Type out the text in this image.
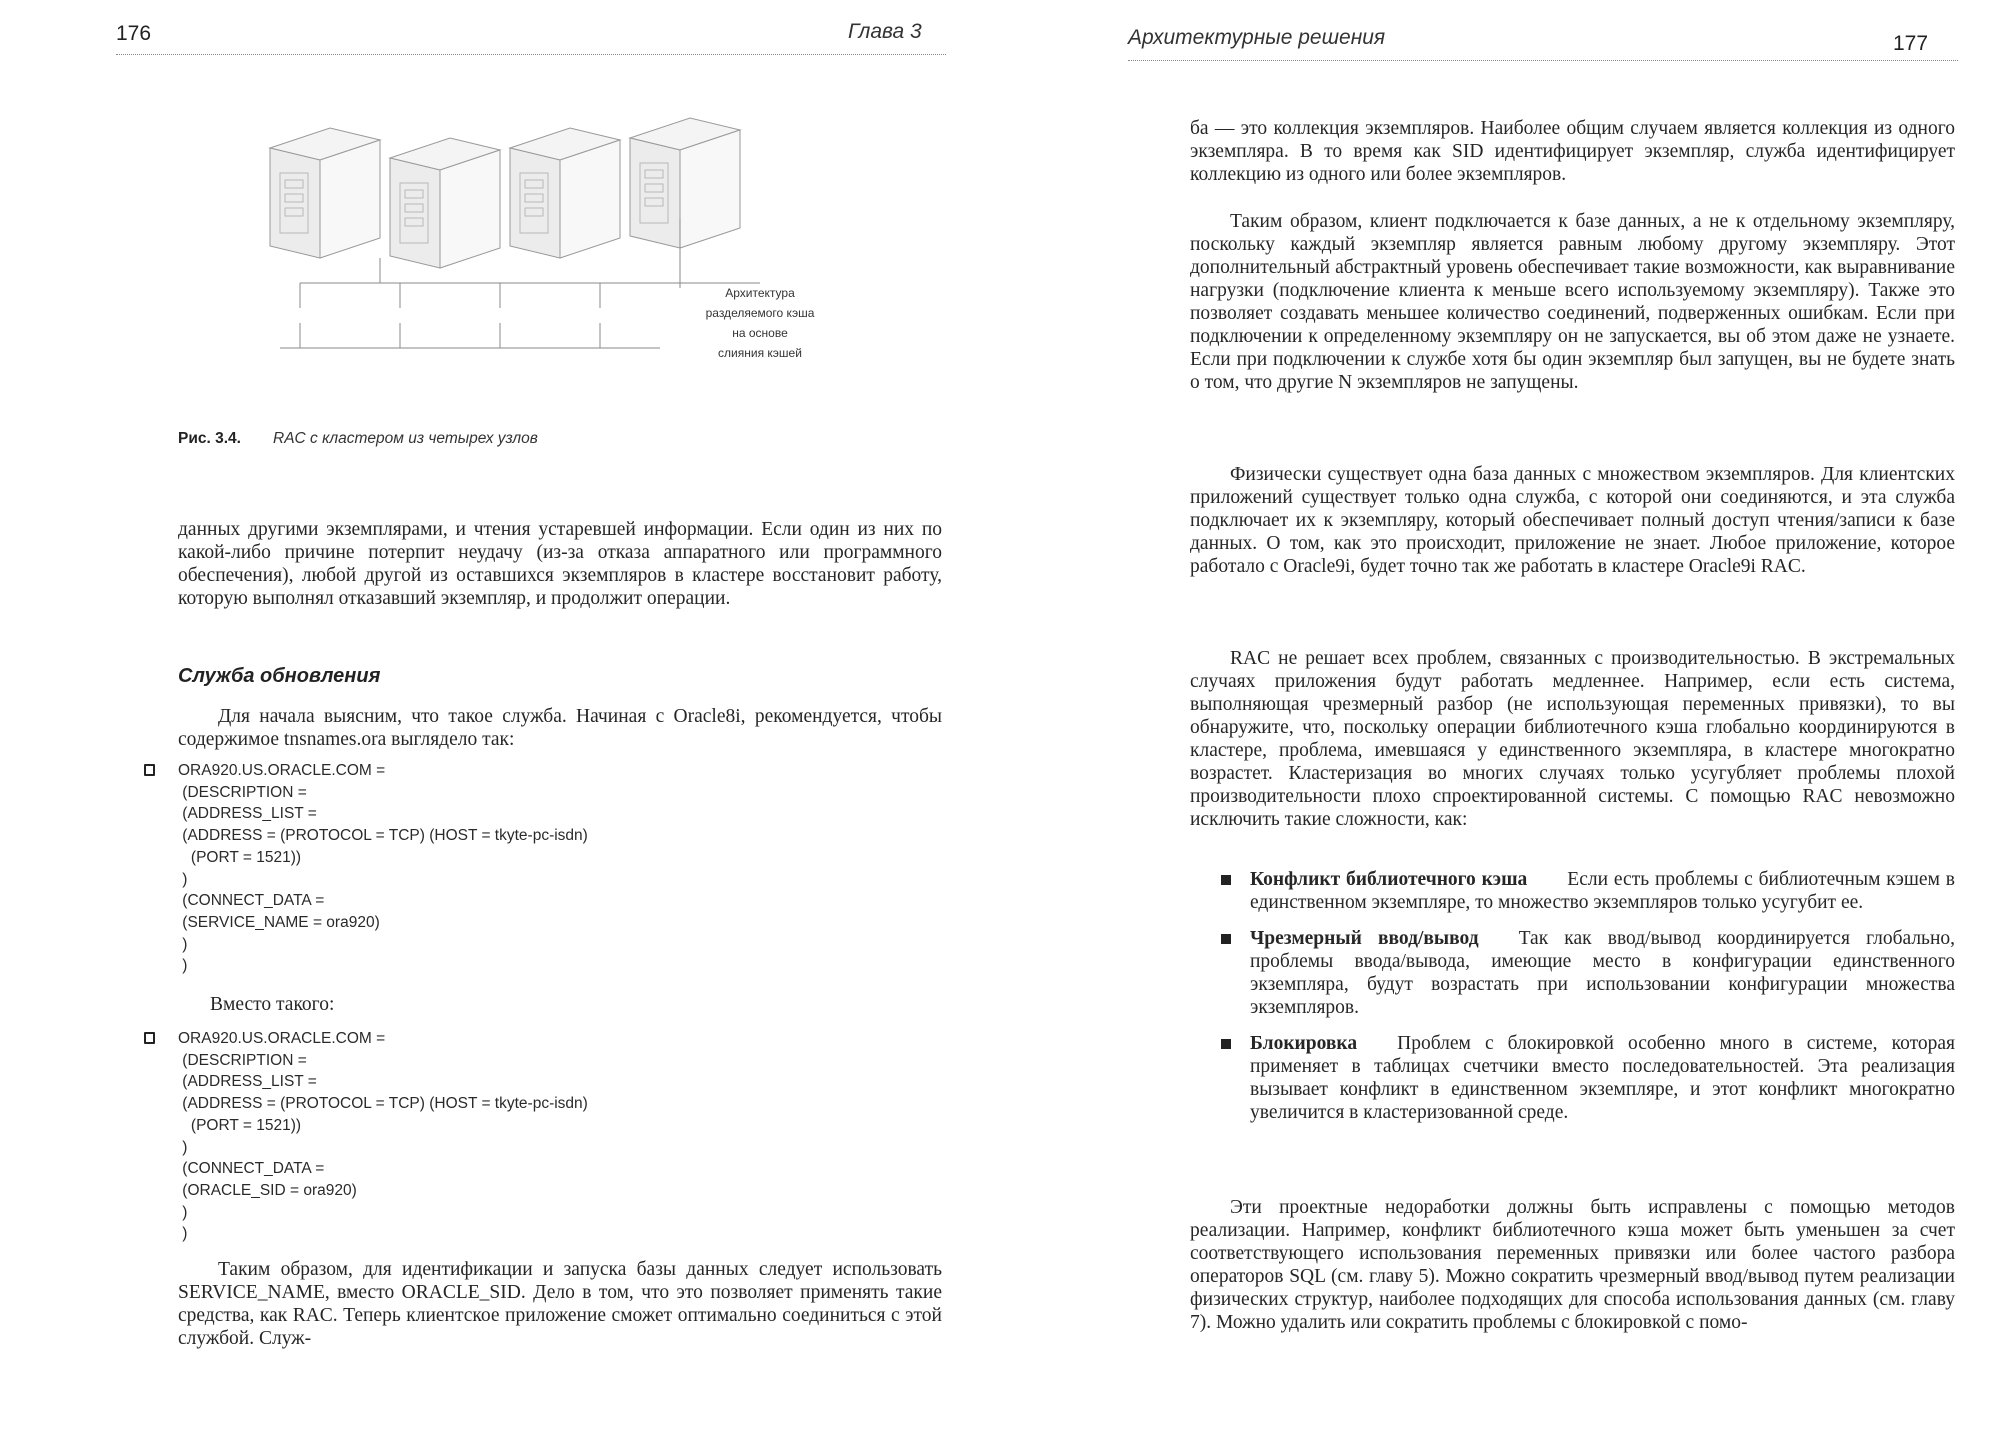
176	Глава 3
Архитектура
разделяемого кэша
на основе
слияния кэшей
Рис. 3.4. RAC с кластером из четырех узлов

данных другими экземплярами, и чтения устаревшей информации. Если один из них по какой-либо причине потерпит неудачу (из-за отказа аппаратного или программного обеспечения), любой другой из оставшихся экземпляров в кластере восстановит работу, которую выполнял отказавший экземпляр, и продолжит операции.

Служба обновления

Для начала выясним, что такое служба. Начиная с Oracle8i, рекомендуется, чтобы содержимое tnsnames.ora выглядело так:

ORA920.US.ORACLE.COM =
(DESCRIPTION =
(ADDRESS_LIST =
(ADDRESS = (PROTOCOL = TCP) (HOST = tkyte-pc-isdn)
(PORT = 1521))
)
(CONNECT_DATA =
(SERVICE_NAME = ora920)
)
)

Вместо такого:

ORA920.US.ORACLE.COM =
(DESCRIPTION =
(ADDRESS_LIST =
(ADDRESS = (PROTOCOL = TCP) (HOST = tkyte-pc-isdn)
(PORT = 1521))
)
(CONNECT_DATA =
(ORACLE_SID = ora920)
)
)

Таким образом, для идентификации и запуска базы данных следует использовать SERVICE_NAME, вместо ORACLE_SID. Дело в том, что это позволяет применять такие средства, как RAC. Теперь клиентское приложение сможет оптимально соединиться с этой службой. Служ-

Архитектурные решения	177

ба — это коллекция экземпляров. Наиболее общим случаем является коллекция из одного экземпляра. В то время как SID идентифицирует экземпляр, служба идентифицирует коллекцию из одного или более экземпляров.

Таким образом, клиент подключается к базе данных, а не к отдельному экземпляру, поскольку каждый экземпляр является равным любому другому экземпляру. Этот дополнительный абстрактный уровень обеспечивает такие возможности, как выравнивание нагрузки (подключение клиента к меньше всего используемому экземпляру). Также это позволяет создавать меньшее количество соединений, подверженных ошибкам. Если при подключении к определенному экземпляру он не запускается, вы об этом даже не узнаете. Если при подключении к службе хотя бы один экземпляр был запущен, вы не будете знать о том, что другие N экземпляров не запущены.

Физически существует одна база данных с множеством экземпляров. Для клиентских приложений существует только одна служба, с которой они соединяются, и эта служба подключает их к экземпляру, который обеспечивает полный доступ чтения/записи к базе данных. О том, как это происходит, приложение не знает. Любое приложение, которое работало с Oracle9i, будет точно так же работать в кластере Oracle9i RAC.

RAC не решает всех проблем, связанных с производительностью. В экстремальных случаях приложения будут работать медленнее. Например, если есть система, выполняющая чрезмерный разбор (не использующая переменных привязки), то вы обнаружите, что, поскольку операции библиотечного кэша глобально координируются в кластере, проблема, имевшаяся у единственного экземпляра, в кластере многократно возрастет. Кластеризация во многих случаях только усугубляет проблемы плохой производительности плохо спроектированной системы. С помощью RAC невозможно исключить такие сложности, как:

Конфликт библиотечного кэша Если есть проблемы с библиотечным кэшем в единственном экземпляре, то множество экземпляров только усугубит ее.
Чрезмерный ввод/вывод Так как ввод/вывод координируется глобально, проблемы ввода/вывода, имеющие место в конфигурации единственного экземпляра, будут возрастать при использовании конфигурации множества экземпляров.
Блокировка Проблем с блокировкой особенно много в системе, которая применяет в таблицах счетчики вместо последовательностей. Эта реализация вызывает конфликт в единственном экземпляре, и этот конфликт многократно увеличится в кластеризованной среде.

Эти проектные недоработки должны быть исправлены с помощью методов реализации. Например, конфликт библиотечного кэша может быть уменьшен за счет соответствующего использования переменных привязки или более частого разбора операторов SQL (см. главу 5). Можно сократить чрезмерный ввод/вывод путем реализации физических структур, наиболее подходящих для способа использования данных (см. главу 7). Можно удалить или сократить проблемы с блокировкой с помо-
